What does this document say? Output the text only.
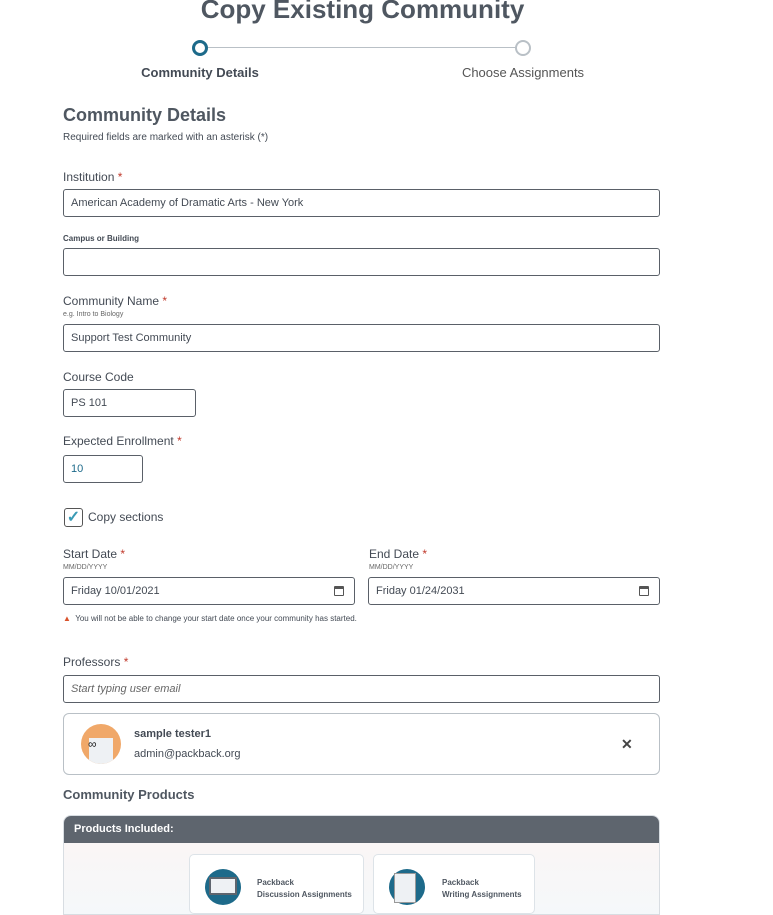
Copy Existing Community
Community Details	Choose Assignments
Community Details
Required fields are marked with an asterisk (*)
Institution *
American Academy of Dramatic Arts - New York
Campus or Building
Community Name *
e.g. Intro to Biology
Support Test Community
Course Code
PS 101
Expected Enrollment *
10
✓ Copy sections
Start Date *
MM/DD/YYYY
Friday 10/01/2021
End Date *
MM/DD/YYYY
Friday 01/24/2031
▲ You will not be able to change your start date once your community has started.
Professors *
Start typing user email
∞
sample tester1
admin@packback.org
✕
Community Products
Products Included:
Packback
Discussion Assignments
Packback
Writing Assignments
